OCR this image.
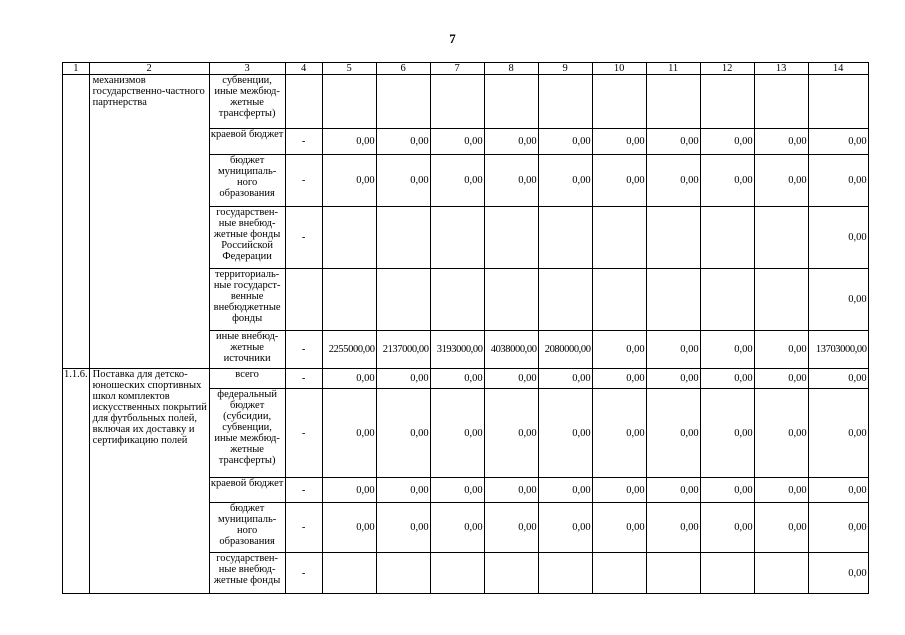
7
1	2	3	4	5	6	7	8	9	10	11	12	13	14
	механизмов государственно-частного партнерства	субвенции, иные межбюд-жетные трансферты)											
		краевой бюджет	-	0,00	0,00	0,00	0,00	0,00	0,00	0,00	0,00	0,00	0,00
		бюджет муниципаль-ного образования	-	0,00	0,00	0,00	0,00	0,00	0,00	0,00	0,00	0,00	0,00
		государствен-ные внебюд-жетные фонды Российской Федерации	-										0,00
		территориаль-ные государст-венные внебюджетные фонды											0,00
		иные внебюд-жетные источники	-	2255000,00	2137000,00	3193000,00	4038000,00	2080000,00	0,00	0,00	0,00	0,00	13703000,00
1.1.6.	Поставка для детско-юношеских спортивных школ комплектов искусственных покрытий для футбольных полей, включая их доставку и сертификацию полей	всего	-	0,00	0,00	0,00	0,00	0,00	0,00	0,00	0,00	0,00	0,00
		федеральный бюджет (субсидии, субвенции, иные межбюд-жетные трансферты)	-	0,00	0,00	0,00	0,00	0,00	0,00	0,00	0,00	0,00	0,00
		краевой бюджет	-	0,00	0,00	0,00	0,00	0,00	0,00	0,00	0,00	0,00	0,00
		бюджет муниципаль-ного образования	-	0,00	0,00	0,00	0,00	0,00	0,00	0,00	0,00	0,00	0,00
		государствен-ные внебюд-жетные фонды	-										0,00
